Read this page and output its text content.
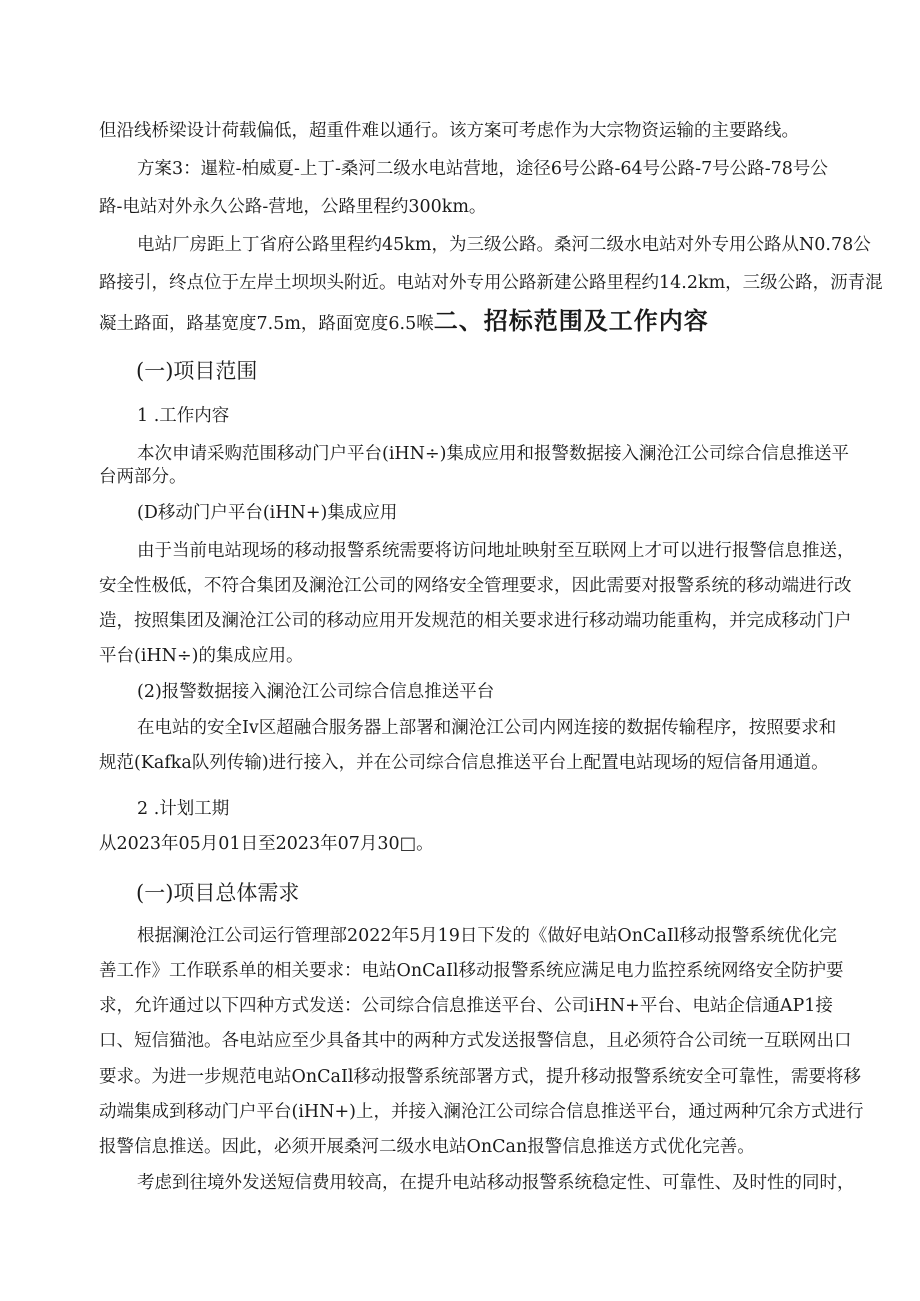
但沿线桥梁设计荷载偏低，超重件难以通行。该方案可考虑作为大宗物资运输的主要路线。
方案3：暹粒-柏威夏-上丁-桑河二级水电站营地，途径6号公路-64号公路-7号公路-78号公
路-电站对外永久公路-营地，公路里程约300km。
电站厂房距上丁省府公路里程约45km，为三级公路。桑河二级水电站对外专用公路从N0.78公
路接引，终点位于左岸土坝坝头附近。电站对外专用公路新建公路里程约14.2km，三级公路，沥青混
凝土路面，路基宽度7.5m，路面宽度6.5喉二、招标范围及工作内容
(一)项目范围
1 .工作内容
本次申请采购范围移动门户平台(iHN÷)集成应用和报警数据接入澜沧江公司综合信息推送平
台两部分。
(D移动门户平台(iHN+)集成应用
由于当前电站现场的移动报警系统需要将访问地址映射至互联网上才可以进行报警信息推送，
安全性极低，不符合集团及澜沧江公司的网络安全管理要求，因此需要对报警系统的移动端进行改
造，按照集团及澜沧江公司的移动应用开发规范的相关要求进行移动端功能重构，并完成移动门户
平台(iHN÷)的集成应用。
(2)报警数据接入澜沧江公司综合信息推送平台
在电站的安全Iv区超融合服务器上部署和澜沧江公司内网连接的数据传输程序，按照要求和
规范(Kafka队列传输)进行接入，并在公司综合信息推送平台上配置电站现场的短信备用通道。
2 .计划工期
从2023年05月01日至2023年07月30□。
(一)项目总体需求
根据澜沧江公司运行管理部2022年5月19日下发的《做好电站OnCaIl移动报警系统优化完
善工作》工作联系单的相关要求：电站OnCaIl移动报警系统应满足电力监控系统网络安全防护要
求，允许通过以下四种方式发送：公司综合信息推送平台、公司iHN+平台、电站企信通AP1接
口、短信猫池。各电站应至少具备其中的两种方式发送报警信息，且必须符合公司统一互联网出口
要求。为进一步规范电站OnCaIl移动报警系统部署方式，提升移动报警系统安全可靠性，需要将移
动端集成到移动门户平台(iHN+)上，并接入澜沧江公司综合信息推送平台，通过两种冗余方式进行
报警信息推送。因此，必须开展桑河二级水电站OnCan报警信息推送方式优化完善。
考虑到往境外发送短信费用较高，在提升电站移动报警系统稳定性、可靠性、及时性的同时，
